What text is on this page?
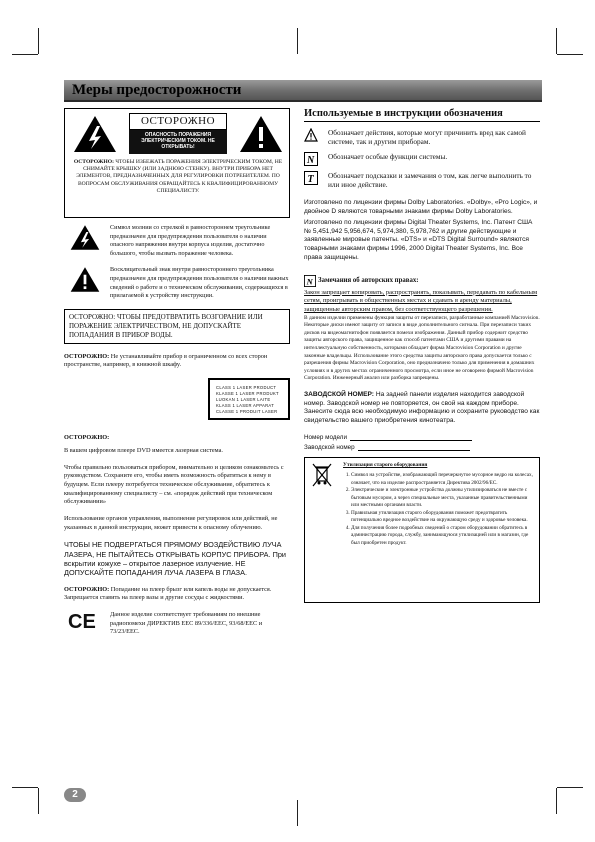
Меры предосторожности
ОСТОРОЖНО
ОПАСНОСТЬ ПОРАЖЕНИЯ ЭЛЕКТРИЧЕСКИМ ТОКОМ. НЕ ОТКРЫВАТЬ!
ОСТОРОЖНО: ЧТОБЫ ИЗБЕЖАТЬ ПОРАЖЕНИЯ ЭЛЕКТРИЧЕСКИМ ТОКОМ, НЕ СНИМАЙТЕ КРЫШКУ (ИЛИ ЗАДНЮЮ СТЕНКУ). ВНУТРИ ПРИБОРА НЕТ ЭЛЕМЕНТОВ, ПРЕДНАЗНАЧЕННЫХ ДЛЯ РЕГУЛИРОВКИ ПОТРЕБИТЕЛЕМ. ПО ВОПРОСАМ ОБСЛУЖИВАНИЯ ОБРАЩАЙТЕСЬ К КВАЛИФИЦИРОВАННОМУ СПЕЦИАЛИСТУ.
Символ молнии со стрелкой в равностороннем треугольнике предназначен для предупреждения пользователя о наличии опасного напряжения внутри корпуса изделия, достаточно большого, чтобы вызвать поражение человека.
Восклицательный знак внутри равностороннего треугольника предназначен для предупреждения пользователя о наличии важных сведений о работе и о техническом обслуживании, содержащихся в прилагаемой к устройству инструкции.
ОСТОРОЖНО: ЧТОБЫ ПРЕДОТВРАТИТЬ ВОЗГОРАНИЕ ИЛИ ПОРАЖЕНИЕ ЭЛЕКТРИЧЕСТВОМ, НЕ ДОПУСКАЙТЕ ПОПАДАНИЯ В ПРИБОР ВОДЫ.

ОСТОРОЖНО: Не устанавливайте прибор в ограниченном со всех сторон пространстве, например, в книжной шкафу.

CLASS 1 LASER PRODUCT
KLASSE 1 LASER PRODUKT
LUOKAN 1 LASER LAITE
KLASS 1 LASER APPARAT
CLASSE 1 PRODUIT LASER

ОСТОРОЖНО:

В вашем цифровом плеере DVD имеется лазерная система.

Чтобы правильно пользоваться прибором, внимательно и целиком ознакомьтесь с руководством. Сохраните его, чтобы иметь возможность обратиться к нему в будущем. Если плееру потребуется техническое обслуживание, обратитесь к квалифицированному специалисту – см. «порядок действий при техническом обслуживании»

Использование органов управления, выполнение регулировок или действий, не указанных в данной инструкции, может привести к опасному облучению.

ЧТОБЫ НЕ ПОДВЕРГАТЬСЯ ПРЯМОМУ ВОЗДЕЙСТВИЮ ЛУЧА ЛАЗЕРА, НЕ ПЫТАЙТЕСЬ ОТКРЫВАТЬ КОРПУС ПРИБОРА. При вскрытии кожухе – открытое лазерное излучение. НЕ ДОПУСКАЙТЕ ПОПАДАНИЯ ЛУЧА ЛАЗЕРА В ГЛАЗА.

ОСТОРОЖНО: Попадание на плеер брызг или капель воды не допускается. Запрещается ставить на плеер вазы и другие сосуды с жидкостями.

CE	Данное изделие соответствует требованиям по внешние радиопомехи ДИРЕКТИВ ЕЕС 89/336/EEC, 93/68/EEC и 73/23/EEC.
Используемые в инструкции обозначения
Обозначает действия, которые могут причинить вред как самой системе, так и другим приборам.
N	Обозначает особые функции системы.
T	Обозначает подсказки и замечания о том, как легче выполнить то или иное действие.

Изготовлено по лицензии фирмы Dolby Laboratories. «Dolby», «Pro Logic», и двойное D являются товарными знаками фирмы Dolby Laboratories.

Изготовлено по лицензии фирмы Digital Theater Systems, Inc. Патент США № 5,451,942 5,956,674, 5,974,380, 5,978,762 и другие действующие и заявленные мировые патенты. «DTS» и «DTS Digital Surround» являются товарными знаками фирмы 1996, 2000 Digital Theater Systems, Inc. Все права защищены.

N Замечания об авторских правах:

Закон запрещает копировать, распространять, показывать, передавать по кабельным сетям, проигрывать в общественных местах и сдавать в аренду материалы, защищенные авторским правом, без соответствующего разрешения.

В данном изделии применены функция защиты от перезаписи, разработанные компанией Macrovision. Некоторые диски имеют защиту от записи в виде дополнительного сигнала. При перезаписи таких дисков на видеомагнитофон появляется помехи изображения. Данный прибор содержит средство защиты авторского права, защищенное как способ патентами США и другими правами на интеллектуальную собственность, которыми обладает фирма Macrovision Corporation и другие законные владельцы. Использование этого средства защиты авторского права допускается только с разрешения фирмы Macrovision Corporation, оно предназначено только для применения в домашних условиях и в других местах ограниченного просмотра, если иное не оговорено фирмой Macrovision Corporation. Инженерный анализ или разборка запрещены.

ЗАВОДСКОЙ НОМЕР: На задней панели изделия находится заводской номер. Заводской номер не повторяется, он свой на каждом приборе. Занесите сюда всю необходимую информацию и сохраните руководство как свидетельство вашего приобретения кинотеатра.

Номер модели
Заводской номер
Утилизация старого оборудования
1. Символ на устройстве, изображающий перечеркнутое мусорное ведро на колесах, означает, что на изделие распространяется Директива 2002/96/EC.
2. Электрические и электронные устройства должны утилизироваться не вместе с бытовым мусором, а через специальные места, указанные правительственными или местными органами власти.
3. Правильная утилизация старого оборудования поможет предотвратить потенциально вредное воздействие на окружающую среду и здоровье человека.
4. Для получения более подробных сведений о старом оборудовании обратитесь в администрацию города, службу, занимающуюся утилизацией или в магазин, где был приобретен продукт.
2
